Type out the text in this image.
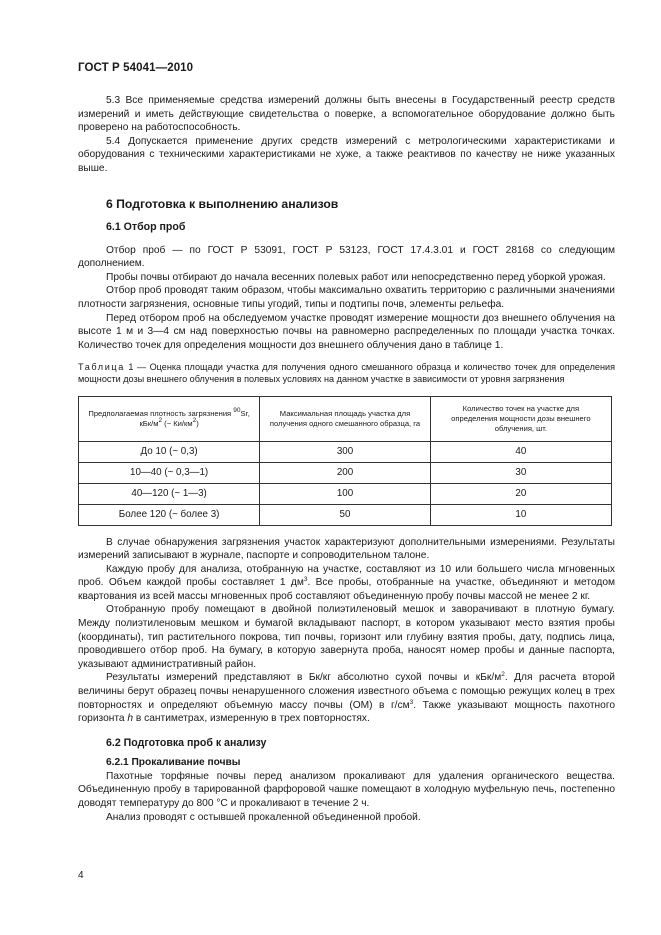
ГОСТ Р 54041—2010

5.3 Все применяемые средства измерений должны быть внесены в Государственный реестр средств измерений и иметь действующие свидетельства о поверке, а вспомогательное оборудование должно быть проверено на работоспособность.

5.4 Допускается применение других средств измерений с метрологическими характеристиками и оборудования с техническими характеристиками не хуже, а также реактивов по качеству не ниже указанных выше.

6 Подготовка к выполнению анализов
6.1 Отбор проб

Отбор проб — по ГОСТ Р 53091, ГОСТ Р 53123, ГОСТ 17.4.3.01 и ГОСТ 28168 со следующим дополнением.

Пробы почвы отбирают до начала весенних полевых работ или непосредственно перед уборкой урожая.

Отбор проб проводят таким образом, чтобы максимально охватить территорию с различными значениями плотности загрязнения, основные типы угодий, типы и подтипы почв, элементы рельефа.

Перед отбором проб на обследуемом участке проводят измерение мощности доз внешнего облучения на высоте 1 м и 3—4 см над поверхностью почвы на равномерно распределенных по площади участка точках. Количество точек для определения мощности доз внешнего облучения дано в таблице 1.

Таблица 1 — Оценка площади участка для получения одного смешанного образца и количество точек для определения мощности дозы внешнего облучения в полевых условиях на данном участке в зависимости от уровня загрязнения
Предполагаемая плотность загрязнения $^{90}$Sr, кБк/$м^2$ (~ $Ки/км^2$)	Максимальная площадь участка для получения одного смешанного образца, га	Количество точек на участке для определения мощности дозы внешнего облучения, шт.
До 10 (~ 0,3)	300	40
10—40 (~ 0,3—1)	200	30
40—120 (~ 1—3)	100	20
Более 120 (~ более 3)	50	10

В случае обнаружения загрязнения участок характеризуют дополнительными измерениями. Результаты измерений записывают в журнале, паспорте и сопроводительном талоне.

Каждую пробу для анализа, отобранную на участке, составляют из 10 или большего числа мгновенных проб. Объем каждой пробы составляет 1 $дм^3$. Все пробы, отобранные на участке, объединяют и методом квартования из всей массы мгновенных проб составляют объединенную пробу почвы массой не менее 2 кг.

Отобранную пробу помещают в двойной полиэтиленовый мешок и заворачивают в плотную бумагу. Между полиэтиленовым мешком и бумагой вкладывают паспорт, в котором указывают место взятия пробы (координаты), тип растительного покрова, тип почвы, горизонт или глубину взятия пробы, дату, подпись лица, проводившего отбор проб. На бумагу, в которую завернута проба, наносят номер пробы и данные паспорта, указывают административный район.

Результаты измерений представляют в Бк/кг абсолютно сухой почвы и кБк/$м^2$. Для расчета второй величины берут образец почвы ненарушенного сложения известного объема с помощью режущих колец в трех повторностях и определяют объемную массу почвы (ОМ) в $г/см^3$. Также указывают мощность пахотного горизонта h в сантиметрах, измеренную в трех повторностях.

6.2 Подготовка проб к анализу
6.2.1 Прокаливание почвы

Пахотные торфяные почвы перед анализом прокаливают для удаления органического вещества. Объединенную пробу в тарированной фарфоровой чашке помещают в холодную муфельную печь, постепенно доводят температуру до 800 °С и прокаливают в течение 2 ч.

Анализ проводят с остывшей прокаленной объединенной пробой.

4
